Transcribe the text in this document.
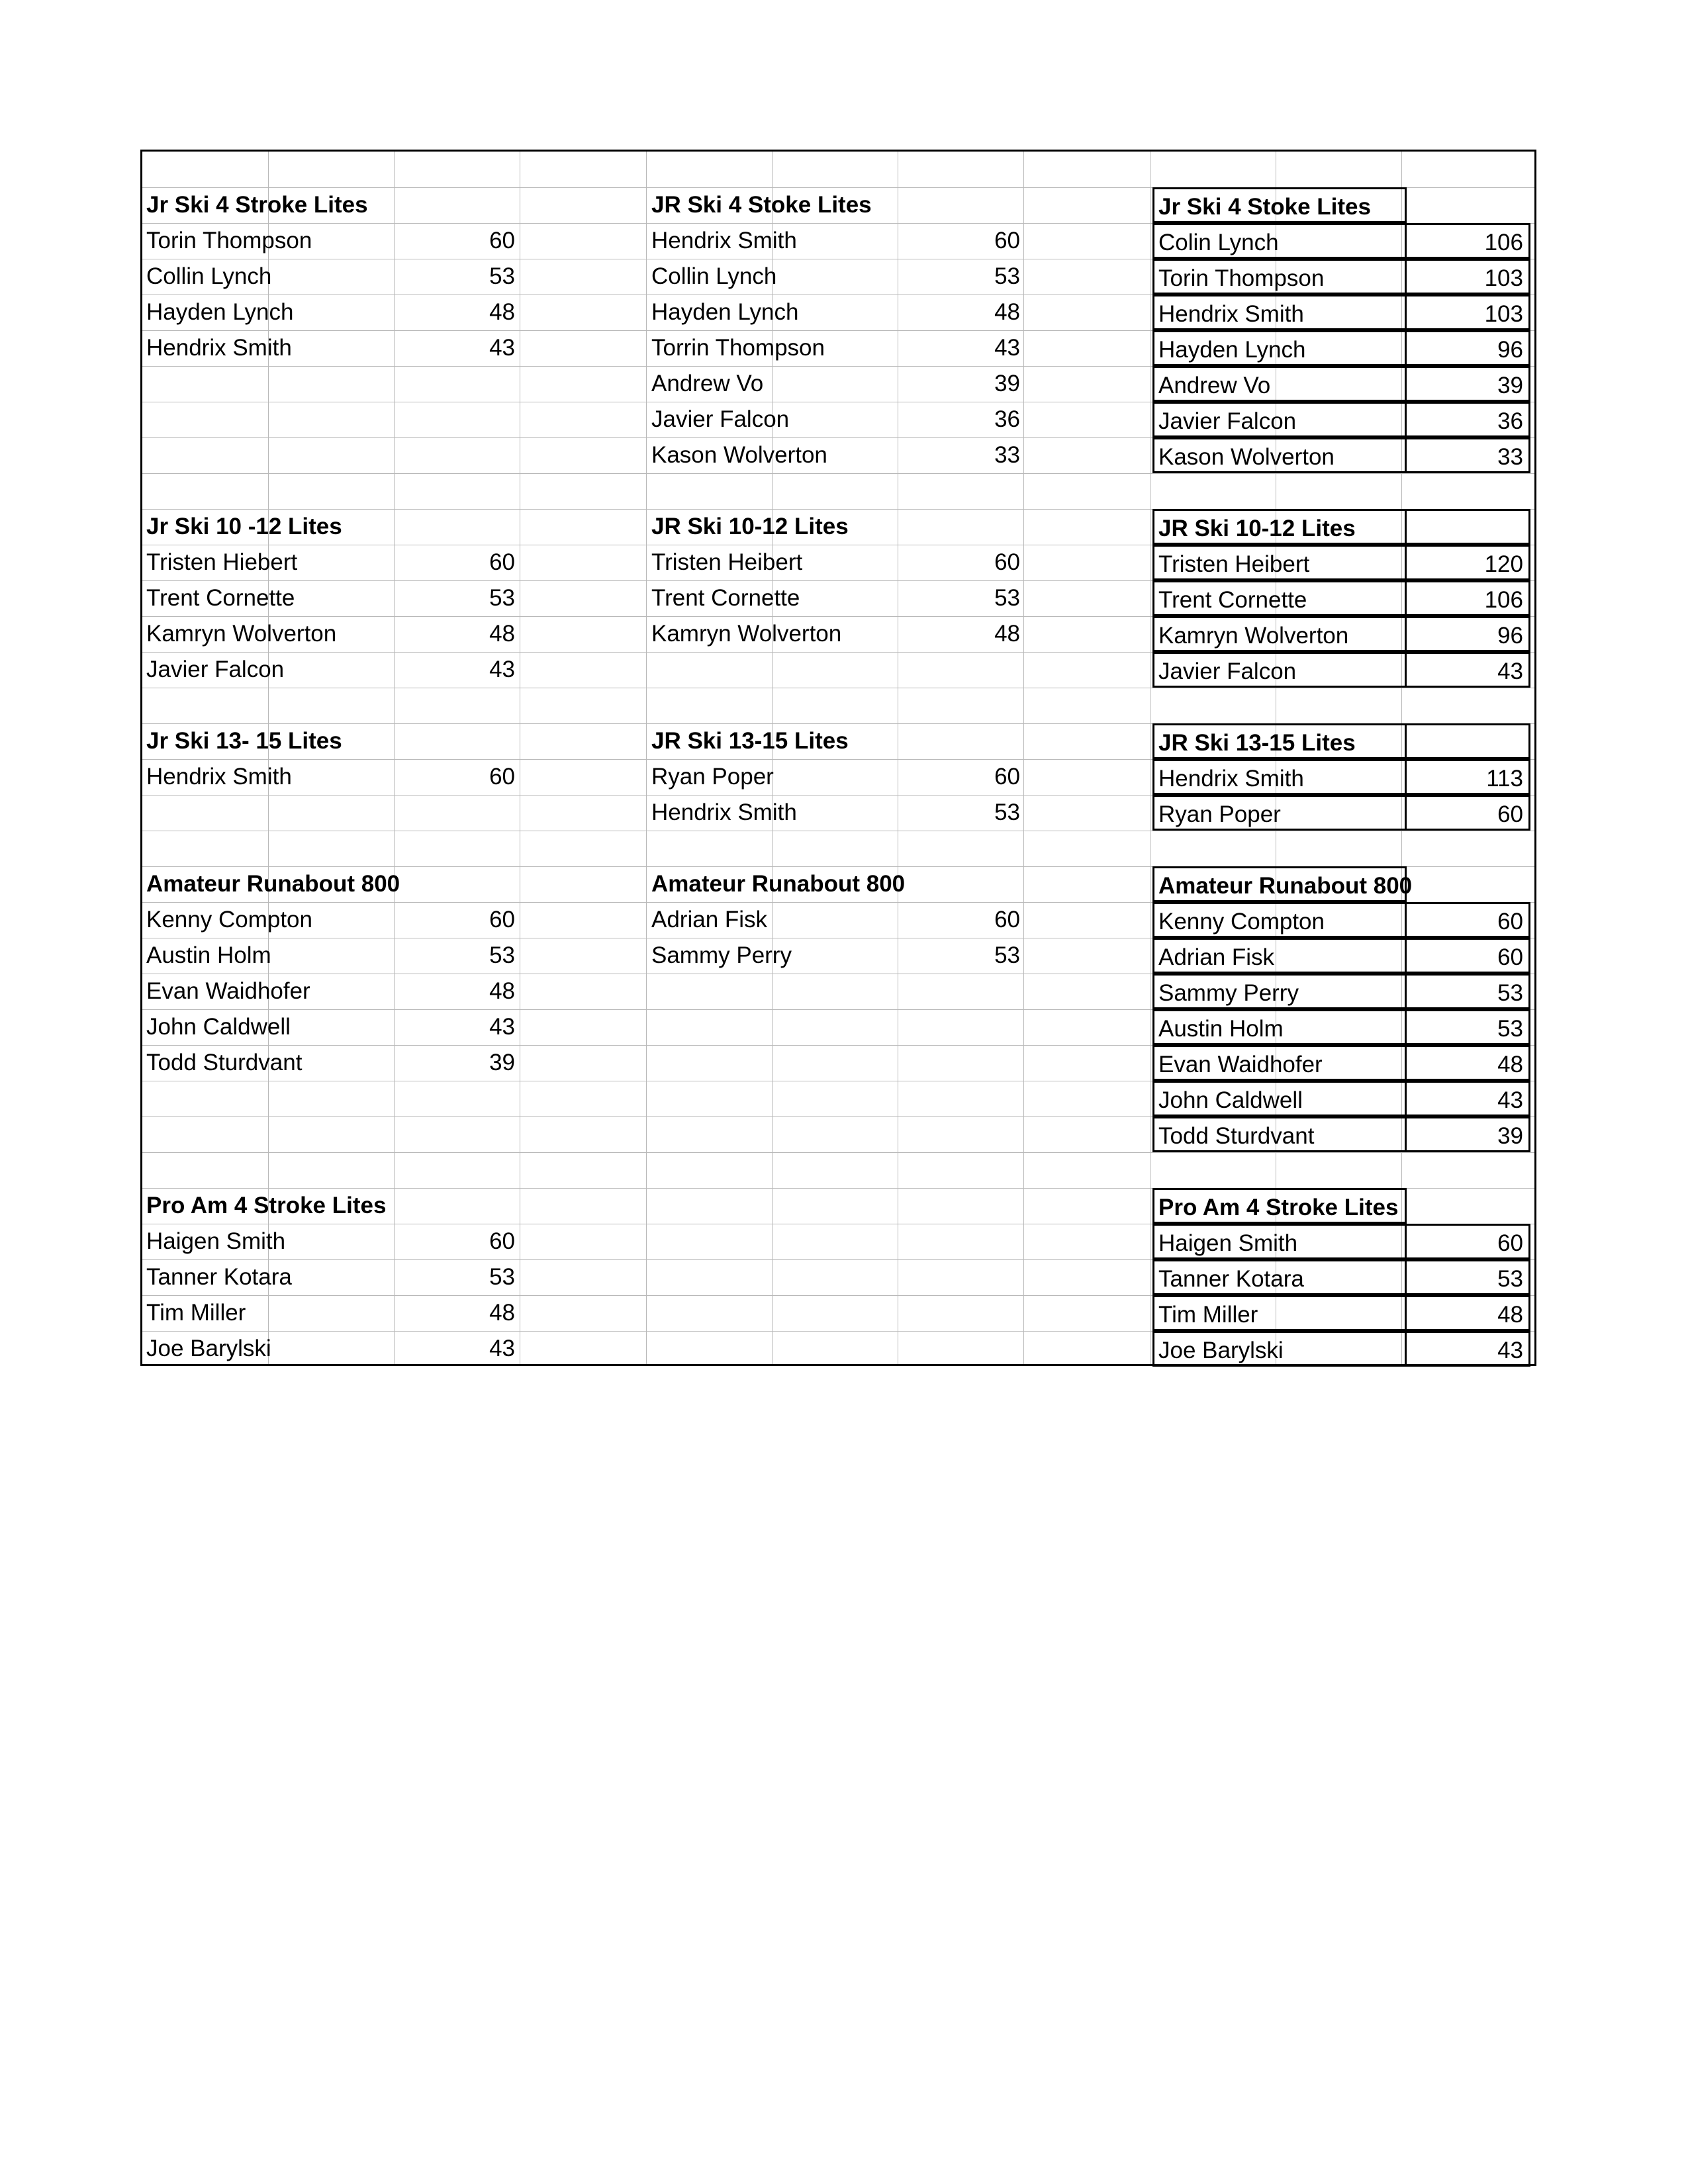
Jr Ski 4 Stroke Lites
Torin Thompson	60
Collin Lynch	53
Hayden Lynch	48
Hendrix Smith	43
JR Ski 4 Stoke Lites
Hendrix Smith	60
Collin Lynch	53
Hayden Lynch	48
Torrin Thompson	43
Andrew Vo	39
Javier Falcon	36
Kason Wolverton	33
Jr Ski 4 Stoke Lites
Colin Lynch	106
Torin Thompson	103
Hendrix Smith	103
Hayden Lynch	96
Andrew Vo	39
Javier Falcon	36
Kason Wolverton	33
Jr Ski 10 -12 Lites
Tristen Hiebert	60
Trent Cornette	53
Kamryn Wolverton	48
Javier Falcon	43
JR Ski 10-12 Lites
Tristen Heibert	60
Trent Cornette	53
Kamryn Wolverton	48
JR Ski 10-12 Lites
Tristen Heibert	120
Trent Cornette	106
Kamryn Wolverton	96
Javier Falcon	43
Jr Ski 13- 15 Lites
Hendrix Smith	60
JR Ski 13-15 Lites
Ryan Poper	60
Hendrix Smith	53
JR Ski 13-15 Lites
Hendrix Smith	113
Ryan Poper	60
Amateur Runabout 800
Kenny Compton	60
Austin Holm	53
Evan Waidhofer	48
John Caldwell	43
Todd Sturdvant	39
Amateur Runabout 800
Adrian Fisk	60
Sammy Perry	53
Amateur Runabout 800
Kenny Compton	60
Adrian Fisk	60
Sammy Perry	53
Austin Holm	53
Evan Waidhofer	48
John Caldwell	43
Todd Sturdvant	39
Pro Am 4 Stroke Lites
Haigen Smith	60
Tanner Kotara	53
Tim Miller	48
Joe Barylski	43
Pro Am 4 Stroke Lites
Haigen Smith	60
Tanner Kotara	53
Tim Miller	48
Joe Barylski	43
